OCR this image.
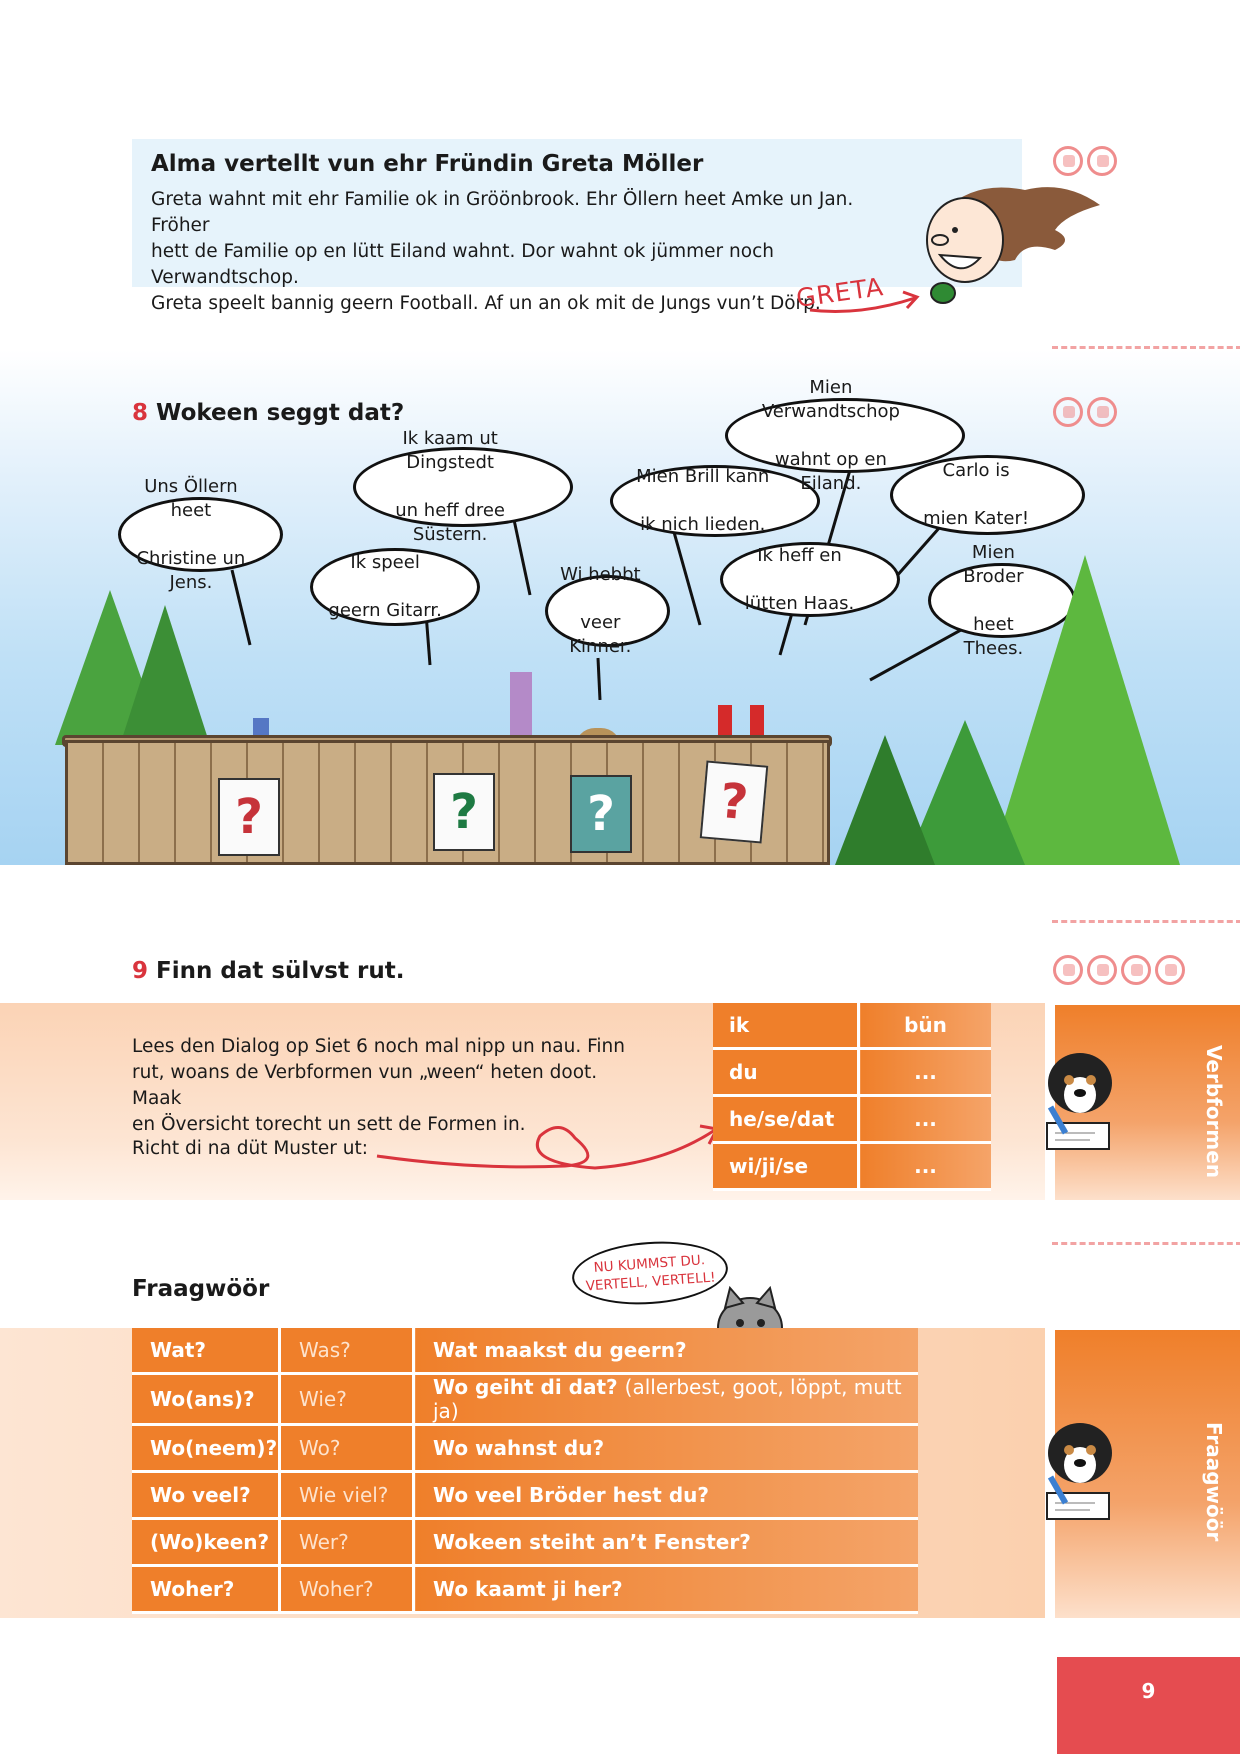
Alma vertellt vun ehr Fründin Greta Möller

Greta wahnt mit ehr Familie ok in Gröönbrook. Ehr Öllern heet Amke un Jan. Fröher
hett de Familie op en lütt Eiland wahnt. Dor wahnt ok jümmer noch Verwandtschop.
Greta speelt bannig geern Football. Af un an ok mit de Jungs vun’t Dörp.

GRETA
8 Wokeen seggt dat?
Uns Öllern heet

Christine un Jens.
Ik kaam ut Dingstedt

un heff dree Süstern.
Ik speel

geern Gitarr.
Wi hebbt

veer Kinner.
Mien Brill kann

ik nich lieden.
Mien Verwandtschop

wahnt op en Eiland.
Ik heff en

lütten Haas.
Carlo is

mien Kater!
Mien Broder

heet Thees.
?	?	?	?
9 Finn dat sülvst rut.
Lees den Dialog op Siet 6 noch mal nipp un nau. Finn
rut, woans de Verbformen vun „ween“ heten doot. Maak
en Översicht torecht un sett de Formen in.
Richt di na düt Muster ut:
ik	bün
du	...
he/se/dat	...
wi/ji/se	...	Verbformen
Fraagwöör
NU KUMMST DU.
VERTELL, VERTELL!
Wat?	Was?	Wat maakst du geern?
Wo(ans)?	Wie?	Wo geiht di dat? (allerbest, goot, löppt, mutt ja)
Wo(neem)?	Wo?	Wo wahnst du?
Wo veel?	Wie viel?	Wo veel Bröder hest du?
(Wo)keen?	Wer?	Wokeen steiht an’t Fenster?
Woher?	Woher?	Wo kaamt ji her?
Fraagwöör
9
